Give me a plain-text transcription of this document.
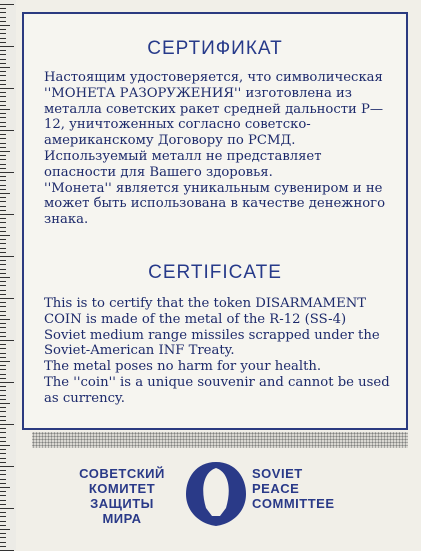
СЕРТИФИКАТ

Настоящим удостоверяется, что символическая ''МОНЕТА РАЗОРУЖЕНИЯ'' изготовлена из металла советских ракет средней дальности Р—12, уничтоженных согласно советско-американскому Договору по РСМД.

Используемый металл не представляет опасности для Вашего здоровья.

''Монета'' является уникальным сувениром и не может быть использована в качестве денежного знака.

CERTIFICATE

This is to certify that the token DISARMAMENT COIN is made of the metal of the R-12 (SS-4) Soviet medium range missiles scrapped under the Soviet-American INF Treaty.

The metal poses no harm for your health.

The ''coin'' is a unique souvenir and cannot be used as currency.

СОВЕТСКИЙ
КОМИТЕТ
ЗАЩИТЫ
МИРА
SOVIET
PEACE
COMMITTEE
